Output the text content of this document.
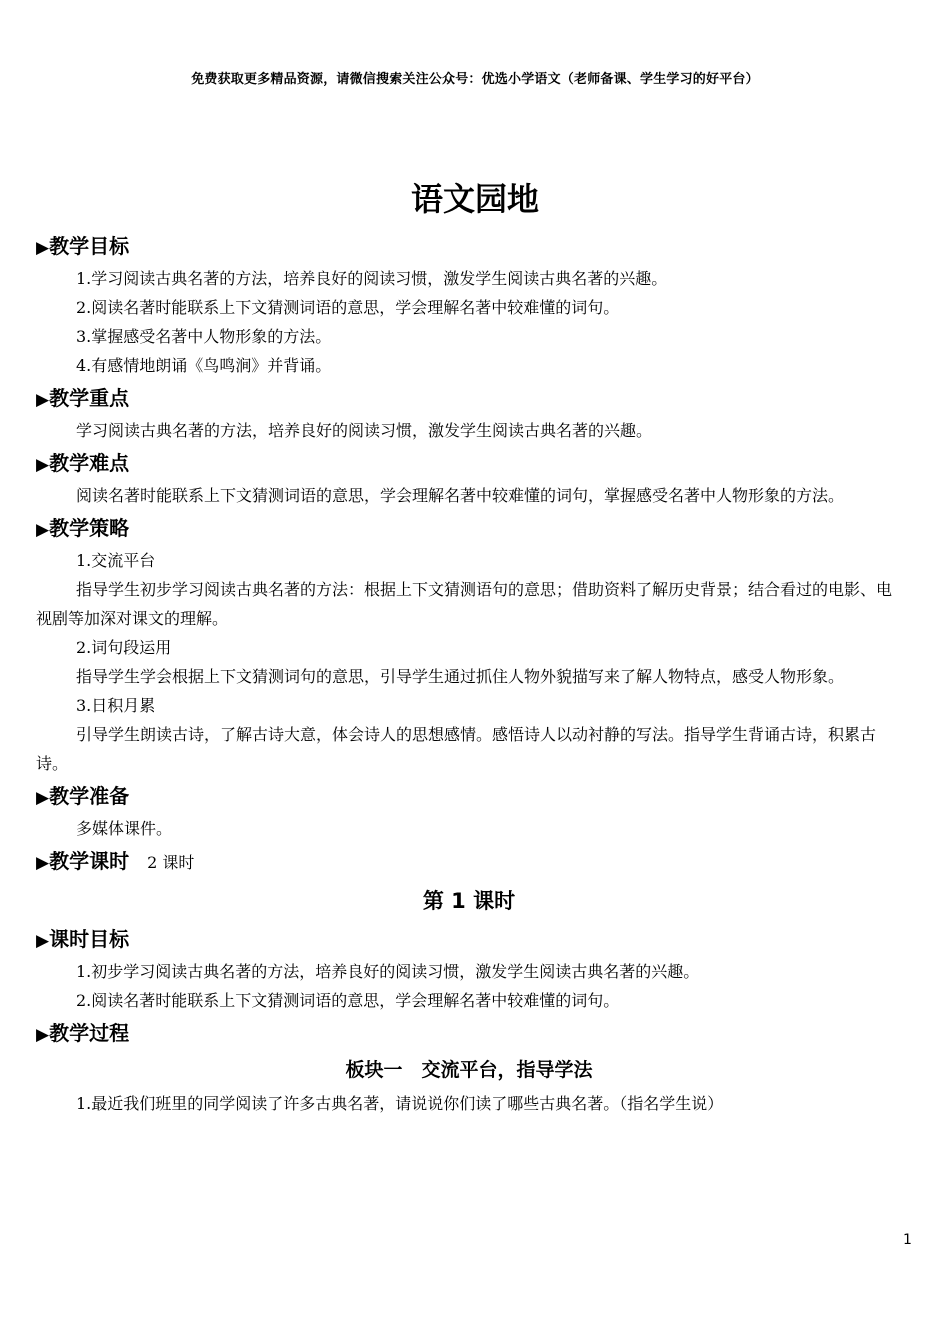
免费获取更多精品资源，请微信搜索关注公众号：优选小学语文（老师备课、学生学习的好平台）
语文园地
▶教学目标
1.学习阅读古典名著的方法，培养良好的阅读习惯，激发学生阅读古典名著的兴趣。
2.阅读名著时能联系上下文猜测词语的意思，学会理解名著中较难懂的词句。
3.掌握感受名著中人物形象的方法。
4.有感情地朗诵《鸟鸣涧》并背诵。
▶教学重点
学习阅读古典名著的方法，培养良好的阅读习惯，激发学生阅读古典名著的兴趣。
▶教学难点
阅读名著时能联系上下文猜测词语的意思，学会理解名著中较难懂的词句，掌握感受名著中人物形象的方法。
▶教学策略
1.交流平台
指导学生初步学习阅读古典名著的方法：根据上下文猜测语句的意思；借助资料了解历史背景；结合看过的电影、电视剧等加深对课文的理解。
2.词句段运用
指导学生学会根据上下文猜测词句的意思，引导学生通过抓住人物外貌描写来了解人物特点，感受人物形象。
3.日积月累
引导学生朗读古诗，了解古诗大意，体会诗人的思想感情。感悟诗人以动衬静的写法。指导学生背诵古诗，积累古诗。
▶教学准备
多媒体课件。
▶教学课时 2 课时
第 1 课时
▶课时目标
1.初步学习阅读古典名著的方法，培养良好的阅读习惯，激发学生阅读古典名著的兴趣。
2.阅读名著时能联系上下文猜测词语的意思，学会理解名著中较难懂的词句。
▶教学过程
板块一　交流平台，指导学法
1.最近我们班里的同学阅读了许多古典名著，请说说你们读了哪些古典名著。（指名学生说）
1
